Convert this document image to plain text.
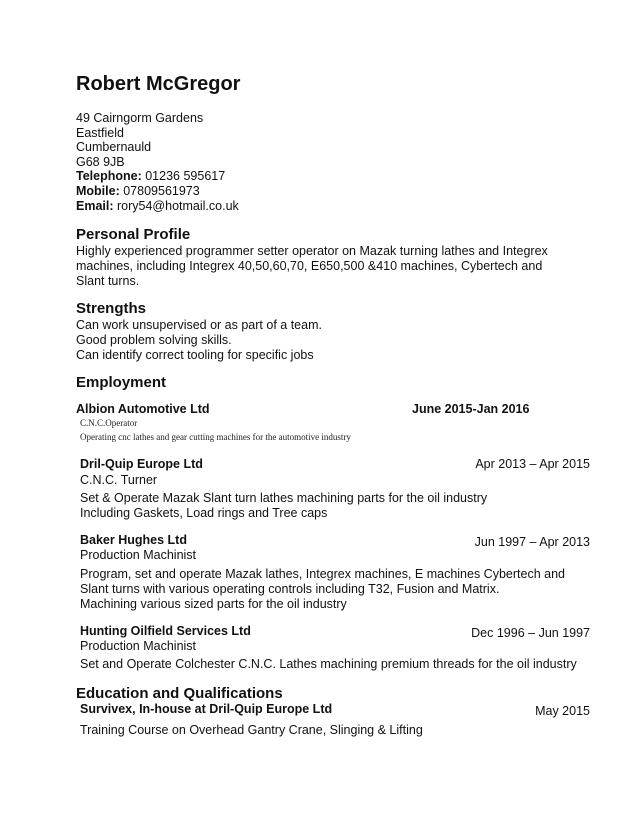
Robert McGregor
49 Cairngorm Gardens
Eastfield
Cumbernauld
G68 9JB
Telephone: 01236 595617
Mobile: 07809561973
Email: rory54@hotmail.co.uk
Personal Profile
Highly experienced programmer setter operator on Mazak turning lathes and Integrex
machines, including Integrex 40,50,60,70, E650,500 &410 machines, Cybertech and
Slant turns.
Strengths
Can work unsupervised or as part of a team.
Good problem solving skills.
Can identify correct tooling for specific jobs
Employment
Albion Automotive Ltd	June 2015-Jan 2016
C.N.C.Operator
Operating cnc lathes and gear cutting machines for the automotive industry
Dril-Quip Europe Ltd	Apr 2013 – Apr 2015
C.N.C. Turner
Set & Operate Mazak Slant turn lathes machining parts for the oil industry
Including Gaskets, Load rings and Tree caps
Baker Hughes Ltd	Jun 1997 – Apr 2013
Production Machinist
Program, set and operate Mazak lathes, Integrex machines, E machines Cybertech and
Slant turns with various operating controls including T32, Fusion and Matrix.
Machining various sized parts for the oil industry
Hunting Oilfield Services Ltd	Dec 1996 – Jun 1997
Production Machinist
Set and Operate Colchester C.N.C. Lathes machining premium threads for the oil industry
Education and Qualifications
Survivex, In-house at Dril-Quip Europe Ltd	May 2015
Training Course on Overhead Gantry Crane, Slinging & Lifting
